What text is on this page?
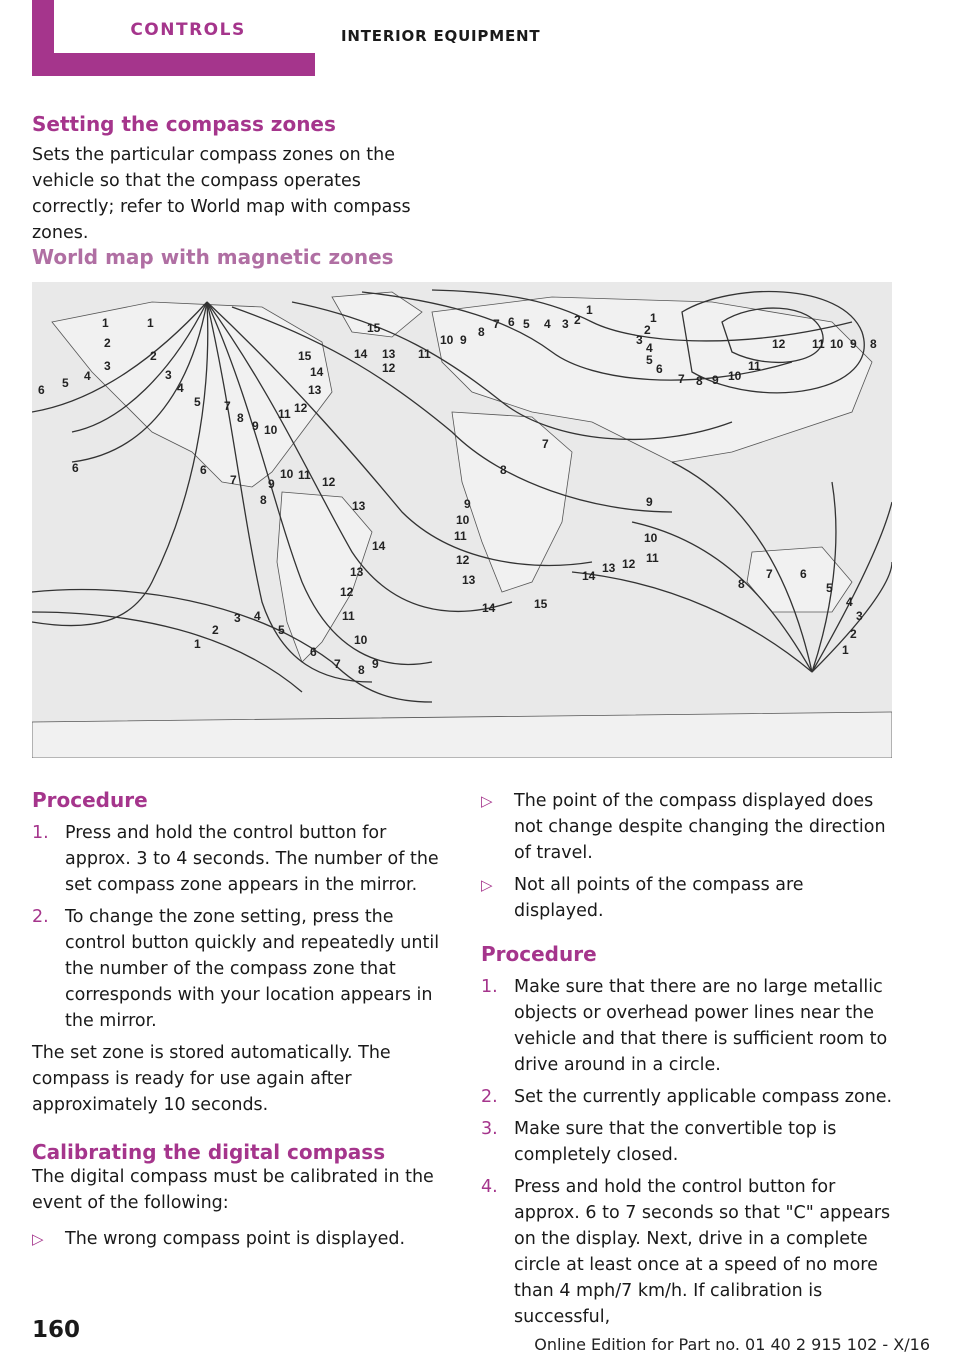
CONTROLS	INTERIOR EQUIPMENT
Setting the compass zones

Sets the particular compass zones on the vehicle so that the compass operates correctly; refer to World map with compass zones.

World map with magnetic zones
1	1
2
2
3
3
4
4
5
5
6
6	6
7
7
8
8
9
9
10
10
11
11
12
12
13
13
14
14
15
15
14 13
12
11
10 9
8
7 6 5 4 3 2
1
1
2
3
4
5
6
7 8 9 10
11
12 11 10 9 8
7
8
9
10
11
12
13
14	15
14
13 12 11
10
9
8
7 6
5
4
3
2
1
1
2
3 4
5
6
7 8 9
10
11
12
13
Procedure
1. Press and hold the control button for approx. 3 to 4 seconds. The number of the set compass zone appears in the mirror.
2. To change the zone setting, press the control button quickly and repeatedly until the number of the compass zone that corresponds with your location appears in the mirror.

The set zone is stored automatically. The compass is ready for use again after approximately 10 seconds.

Calibrating the digital compass

The digital compass must be calibrated in the event of the following:

▷ The wrong compass point is displayed.
▷ The point of the compass displayed does not change despite changing the direction of travel.
▷ Not all points of the compass are displayed.
Procedure
1. Make sure that there are no large metallic objects or overhead power lines near the vehicle and that there is sufficient room to drive around in a circle.
2. Set the currently applicable compass zone.
3. Make sure that the convertible top is completely closed.
4. Press and hold the control button for approx. 6 to 7 seconds so that "C" appears on the display. Next, drive in a complete circle at least once at a speed of no more than 4 mph/7 km/h. If calibration is successful,
160
Online Edition for Part no. 01 40 2 915 102 - X/16
